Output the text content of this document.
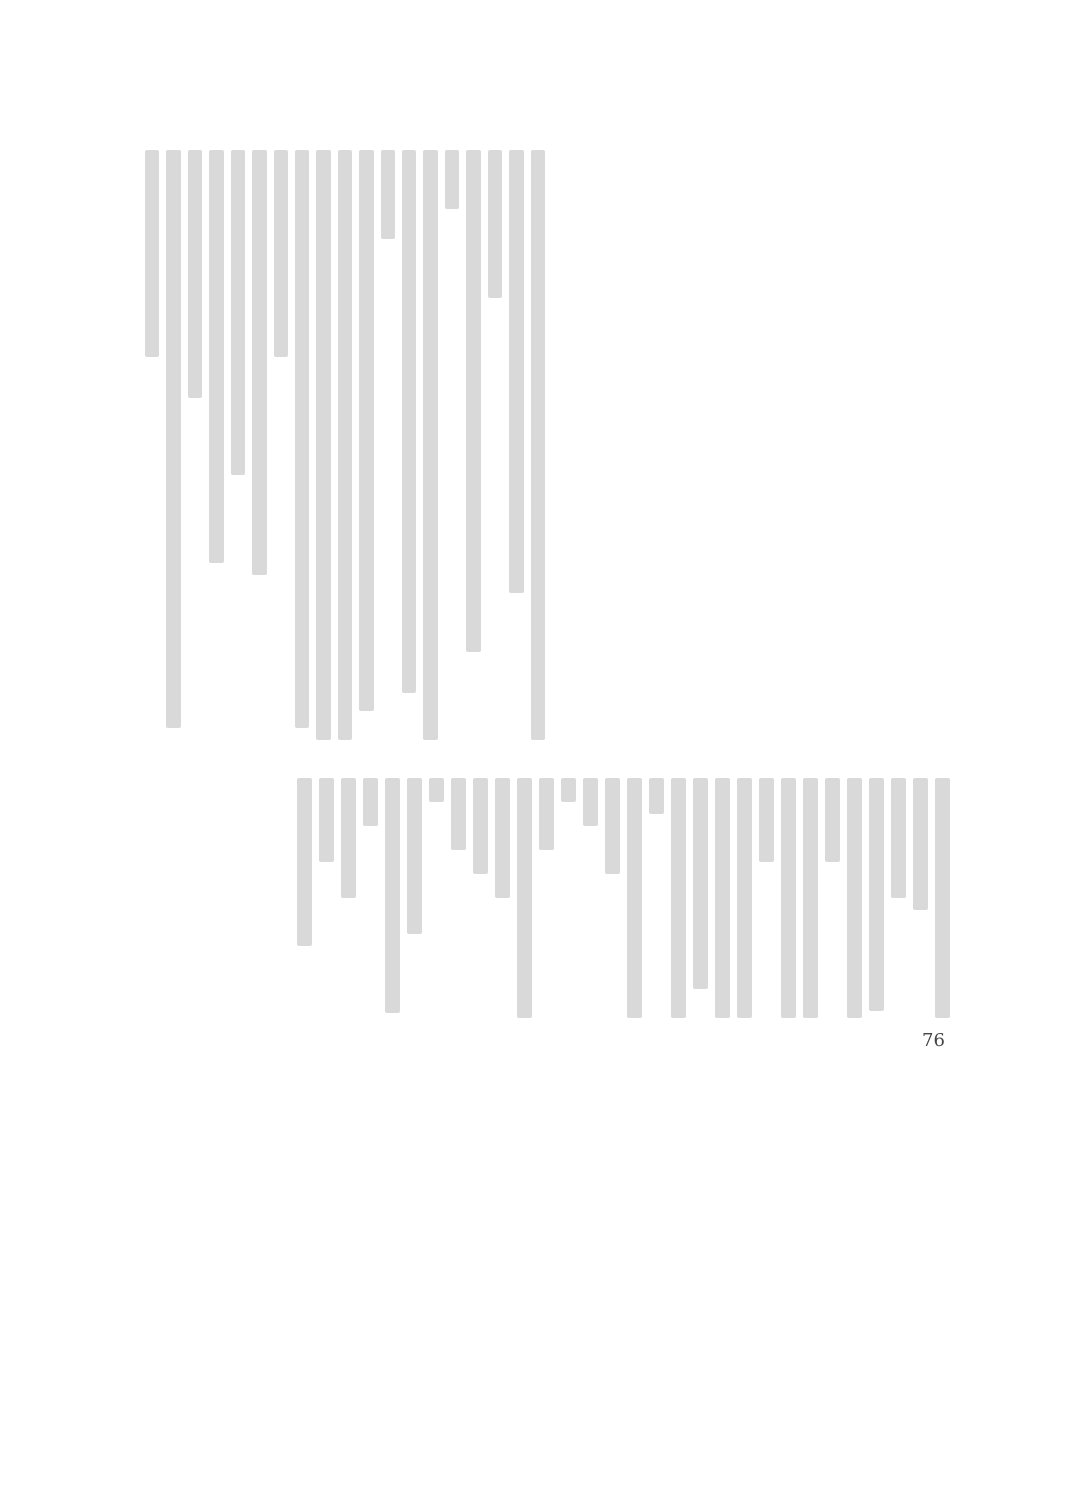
76
